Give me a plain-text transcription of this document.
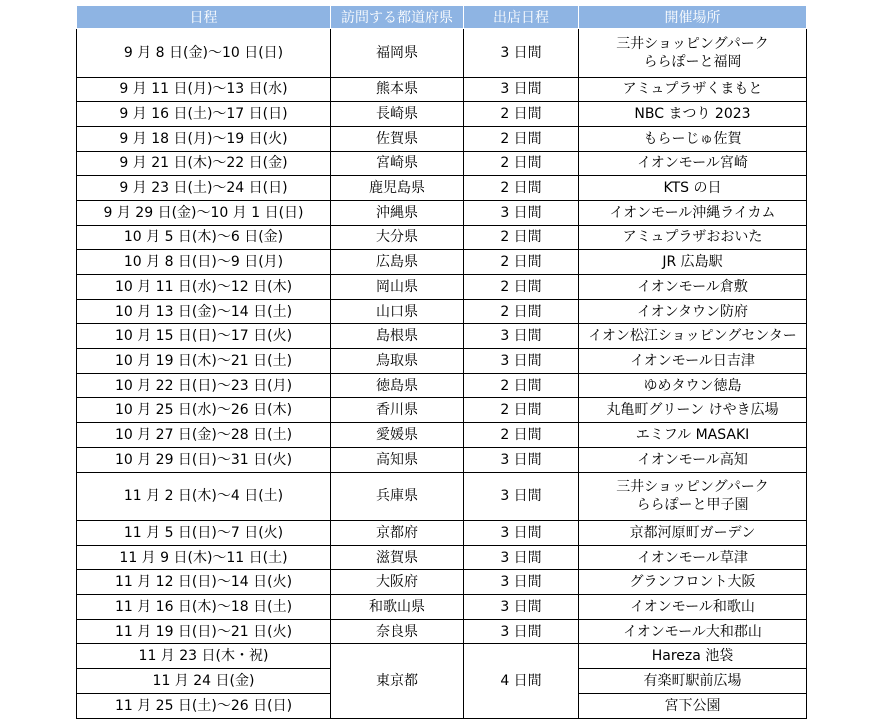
日程	訪問する都道府県	出店日程	開催場所
9 月 8 日(金)～10 日(日)	福岡県	3 日間	三井ショッピングパーク
ららぽーと福岡

9 月 11 日(月)～13 日(水)	熊本県	3 日間	アミュプラザくまもと

9 月 16 日(土)～17 日(日)	長崎県	2 日間	NBC まつり 2023

9 月 18 日(月)～19 日(火)	佐賀県	2 日間	もらーじゅ佐賀

9 月 21 日(木)～22 日(金)	宮崎県	2 日間	イオンモール宮崎

9 月 23 日(土)～24 日(日)	鹿児島県	2 日間	KTS の日

9 月 29 日(金)～10 月 1 日(日)	沖縄県	3 日間	イオンモール沖縄ライカム

10 月 5 日(木)～6 日(金)	大分県	2 日間	アミュプラザおおいた

10 月 8 日(日)～9 日(月)	広島県	2 日間	JR 広島駅

10 月 11 日(水)～12 日(木)	岡山県	2 日間	イオンモール倉敷

10 月 13 日(金)～14 日(土)	山口県	2 日間	イオンタウン防府

10 月 15 日(日)～17 日(火)	島根県	3 日間	イオン松江ショッピングセンター

10 月 19 日(木)～21 日(土)	鳥取県	3 日間	イオンモール日吉津

10 月 22 日(日)～23 日(月)	徳島県	2 日間	ゆめタウン徳島

10 月 25 日(水)～26 日(木)	香川県	2 日間	丸亀町グリーン けやき広場

10 月 27 日(金)～28 日(土)	愛媛県	2 日間	エミフル MASAKI

10 月 29 日(日)～31 日(火)	高知県	3 日間	イオンモール高知

11 月 2 日(木)～4 日(土)	兵庫県	3 日間	三井ショッピングパーク
ららぽーと甲子園

11 月 5 日(日)～7 日(火)	京都府	3 日間	京都河原町ガーデン

11 月 9 日(木)～11 日(土)	滋賀県	3 日間	イオンモール草津

11 月 12 日(日)～14 日(火)	大阪府	3 日間	グランフロント大阪

11 月 16 日(木)～18 日(土)	和歌山県	3 日間	イオンモール和歌山

11 月 19 日(日)～21 日(火)	奈良県	3 日間	イオンモール大和郡山

11 月 23 日(木・祝)	東京都	4 日間	Hareza 池袋
11 月 24 日(金)			有楽町駅前広場
11 月 25 日(土)～26 日(日)			宮下公園
